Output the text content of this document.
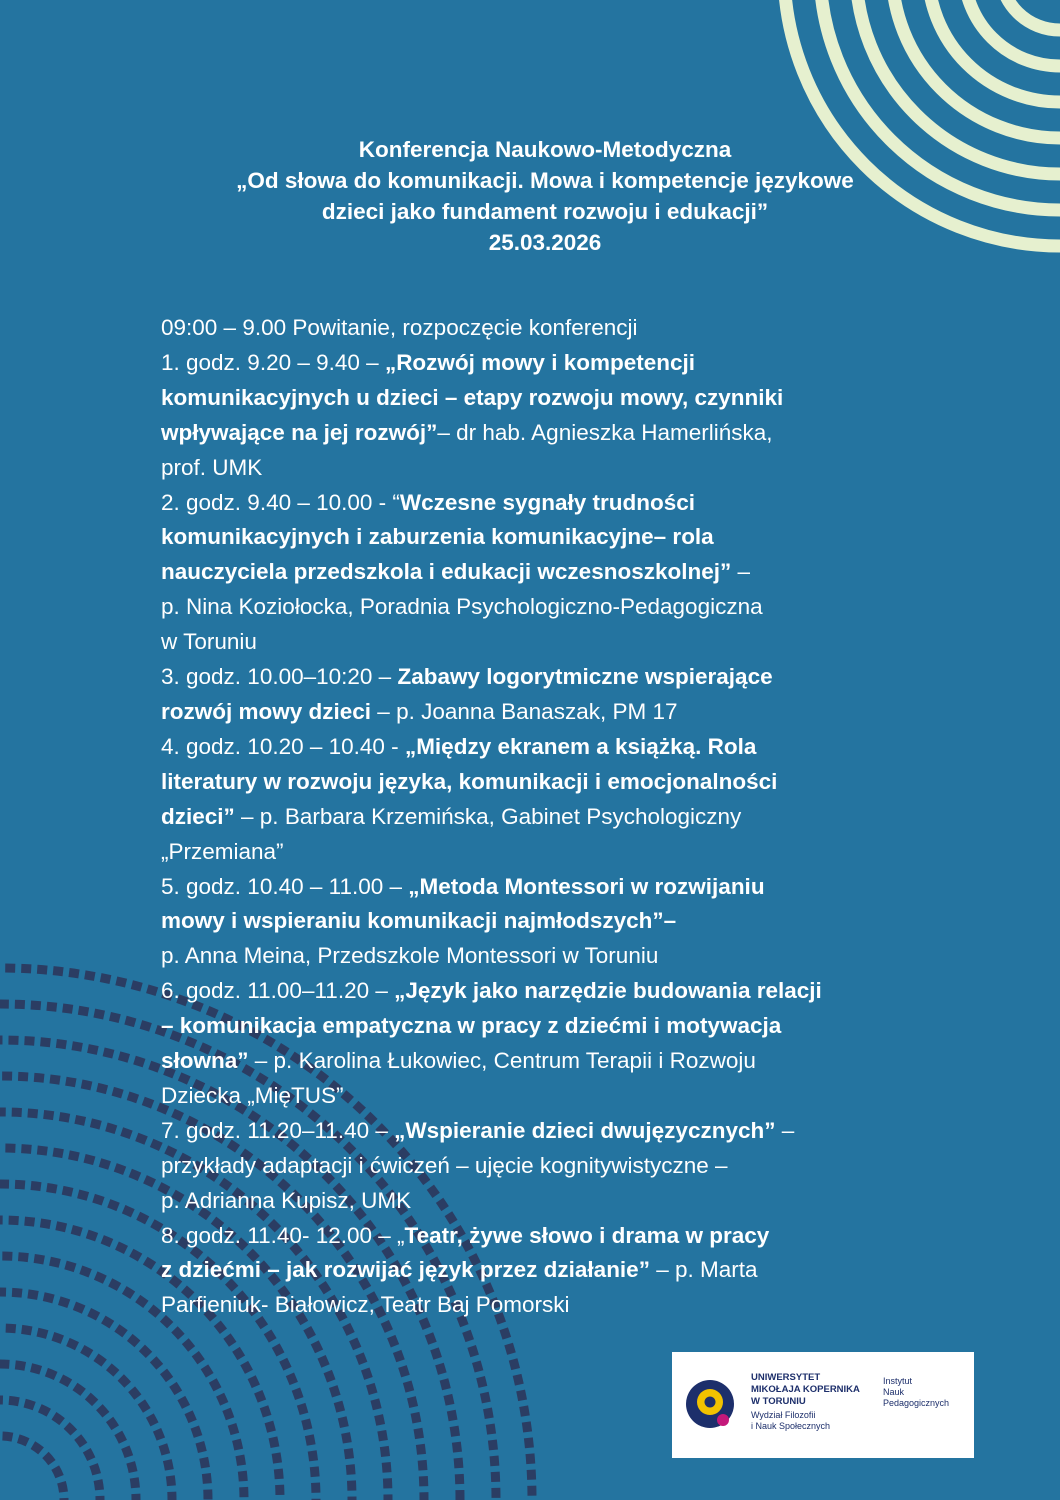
Konferencja Naukowo-Metodyczna
„Od słowa do komunikacji. Mowa i kompetencje językowe
dzieci jako fundament rozwoju i edukacji”
25.03.2026
09:00 – 9.00 Powitanie, rozpoczęcie konferencji
1. godz. 9.20 – 9.40 – „Rozwój mowy i kompetencji
komunikacyjnych u dzieci – etapy rozwoju mowy, czynniki
wpływające na jej rozwój”– dr hab. Agnieszka Hamerlińska,
prof. UMK
2. godz. 9.40 – 10.00 - “Wczesne sygnały trudności
komunikacyjnych i zaburzenia komunikacyjne– rola
nauczyciela przedszkola i edukacji wczesnoszkolnej” –
p. Nina Koziołocka, Poradnia Psychologiczno-Pedagogiczna
w Toruniu
3. godz. 10.00–10:20 – Zabawy logorytmiczne wspierające
rozwój mowy dzieci – p. Joanna Banaszak, PM 17
4. godz. 10.20 – 10.40 - „Między ekranem a książką. Rola
literatury w rozwoju języka, komunikacji i emocjonalności
dzieci” – p. Barbara Krzemińska, Gabinet Psychologiczny
„Przemiana”
5. godz. 10.40 – 11.00 – „Metoda Montessori w rozwijaniu
mowy i wspieraniu komunikacji najmłodszych”–
p. Anna Meina, Przedszkole Montessori w Toruniu
6. godz. 11.00–11.20 – „Język jako narzędzie budowania relacji
– komunikacja empatyczna w pracy z dziećmi i motywacja
słowna” – p. Karolina Łukowiec, Centrum Terapii i Rozwoju
Dziecka „MięTUS”
7. godz. 11.20–11.40 – „Wspieranie dzieci dwujęzycznych” –
przykłady adaptacji i ćwiczeń – ujęcie kognitywistyczne –
p. Adrianna Kupisz, UMK
8. godz. 11.40- 12.00 – „Teatr, żywe słowo i drama w pracy
z dziećmi – jak rozwijać język przez działanie” – p. Marta
Parfieniuk- Białowicz, Teatr Baj Pomorski
UNIWERSYTET
MIKOŁAJA KOPERNIKA
W TORUNIU
Wydział Filozofii
i Nauk Społecznych
Instytut
Nauk
Pedagogicznych
